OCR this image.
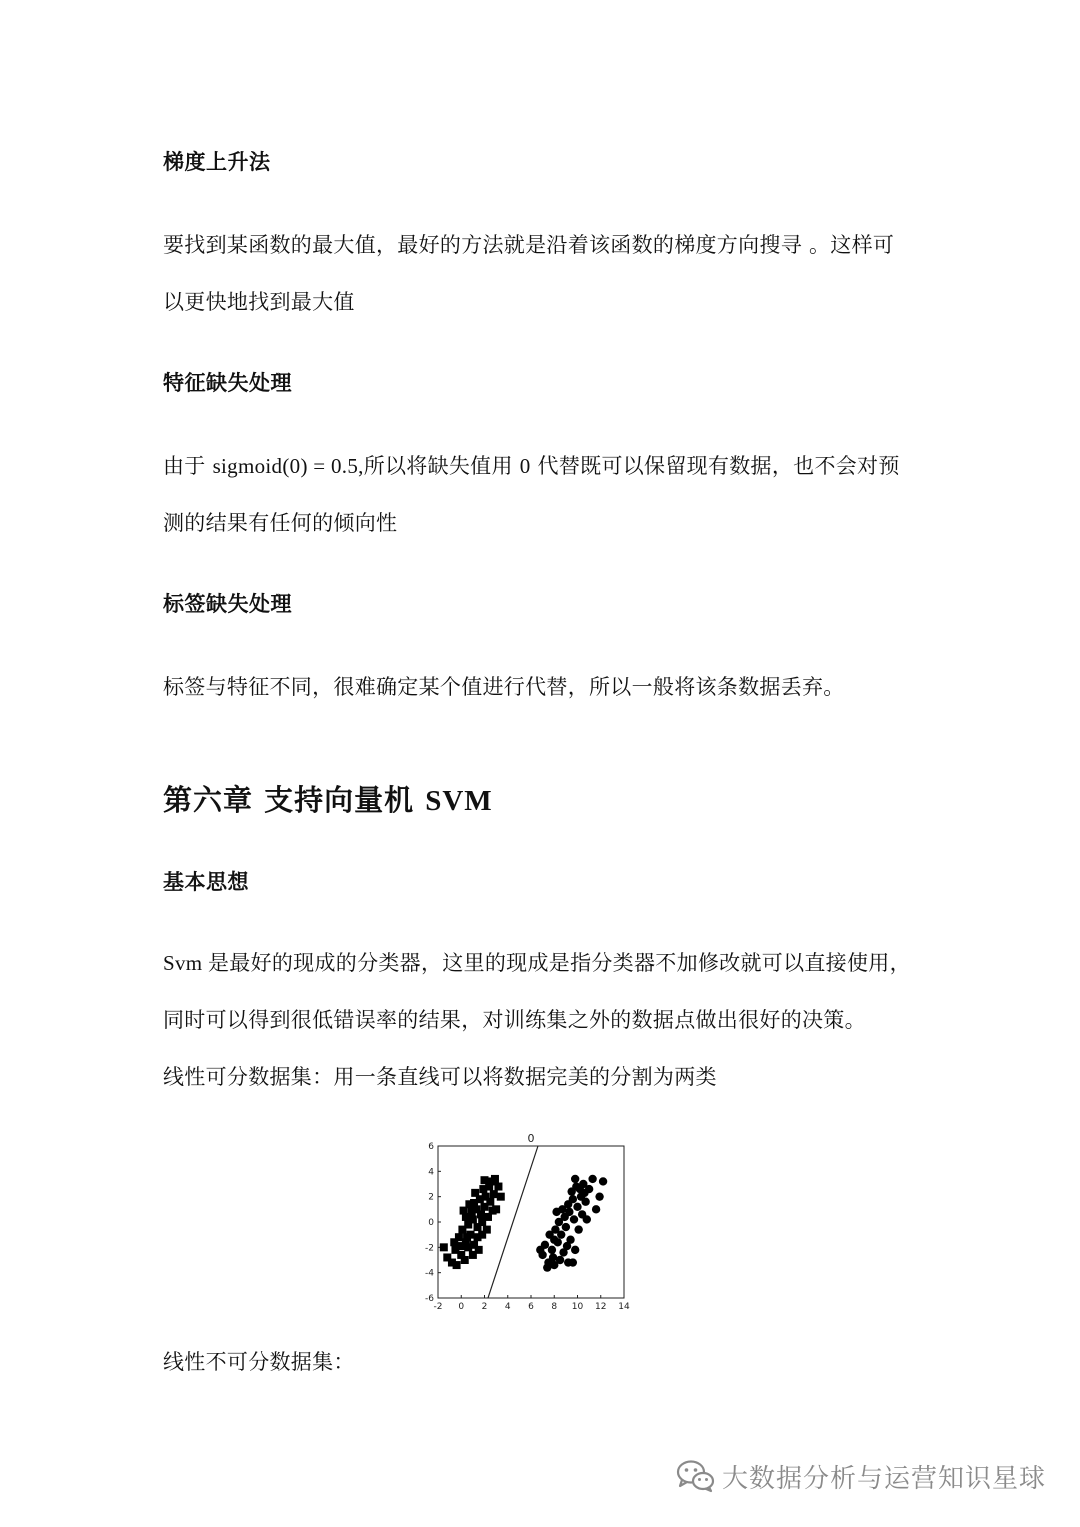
梯度上升法
要找到某函数的最大值，最好的方法就是沿着该函数的梯度方向搜寻 。这样可
以更快地找到最大值
特征缺失处理
由于 sigmoid(0) = 0.5,所以将缺失值用 0 代替既可以保留现有数据，也不会对预
测的结果有任何的倾向性
标签缺失处理
标签与特征不同，很难确定某个值进行代替，所以一般将该条数据丢弃。
第六章 支持向量机 SVM
基本思想
Svm 是最好的现成的分类器，这里的现成是指分类器不加修改就可以直接使用，
同时可以得到很低错误率的结果，对训练集之外的数据点做出很好的决策。
线性可分数据集：用一条直线可以将数据完美的分割为两类
0
-2 0 2 4 6 8 10 12 14
6
4
2
0
-2
-4
-6
线性不可分数据集：
大数据分析与运营知识星球
